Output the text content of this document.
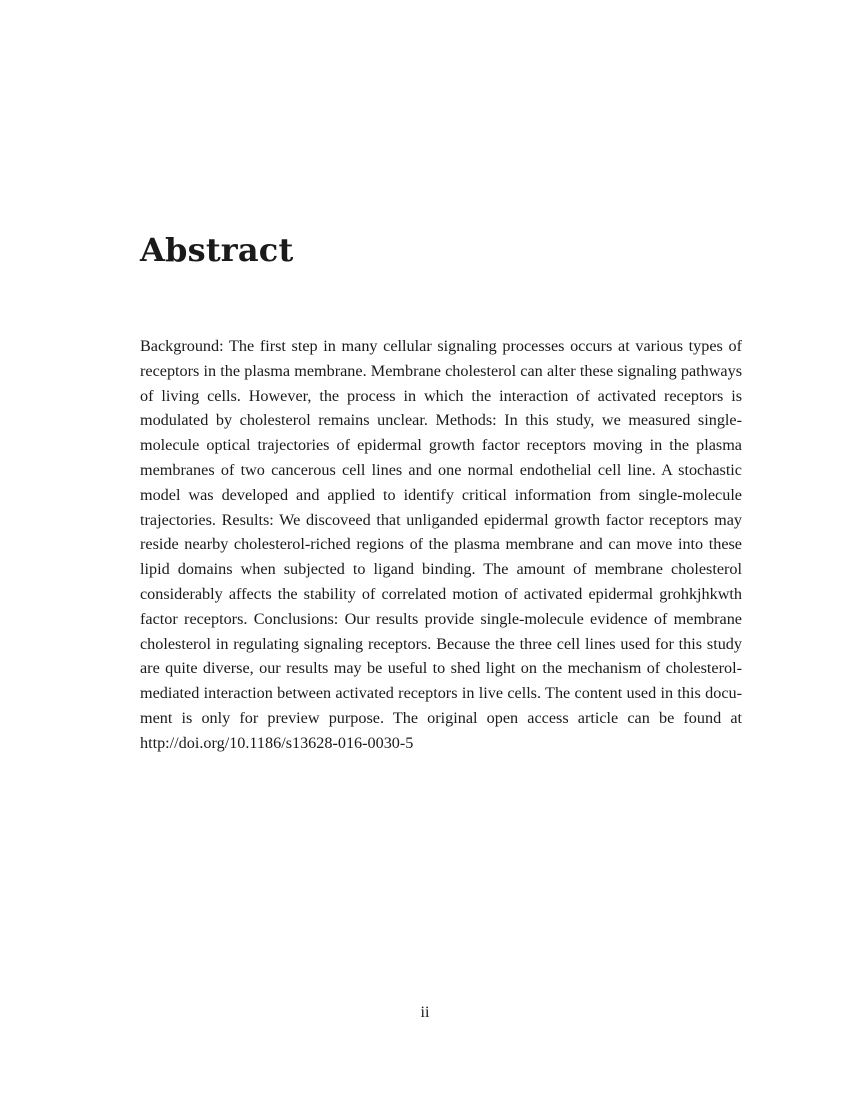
Abstract

Background: The first step in many cellular signaling processes occurs at various types of receptors in the plasma membrane. Membrane cholesterol can alter these signaling pathways of living cells. However, the process in which the interaction of activated receptors is modulated by cholesterol remains unclear. Methods: In this study, we measured single-molecule optical trajectories of epidermal growth factor receptors moving in the plasma membranes of two cancerous cell lines and one normal endothelial cell line. A stochastic model was developed and applied to identify critical information from single-molecule trajectories. Results: We discoveed that unliganded epidermal growth factor receptors may reside nearby cholesterol-riched regions of the plasma membrane and can move into these lipid domains when subjected to ligand binding. The amount of membrane cholesterol considerably affects the stability of correlated motion of activated epidermal grohkjhkwth factor receptors. Conclusions: Our results provide single-molecule evidence of membrane cholesterol in regulating signaling receptors. Because the three cell lines used for this study are quite diverse, our results may be useful to shed light on the mechanism of cholesterol-mediated interaction between activated receptors in live cells. The content used in this document is only for preview purpose. The original open access article can be found at http://doi.org/10.1186/s13628-016-0030-5

ii
